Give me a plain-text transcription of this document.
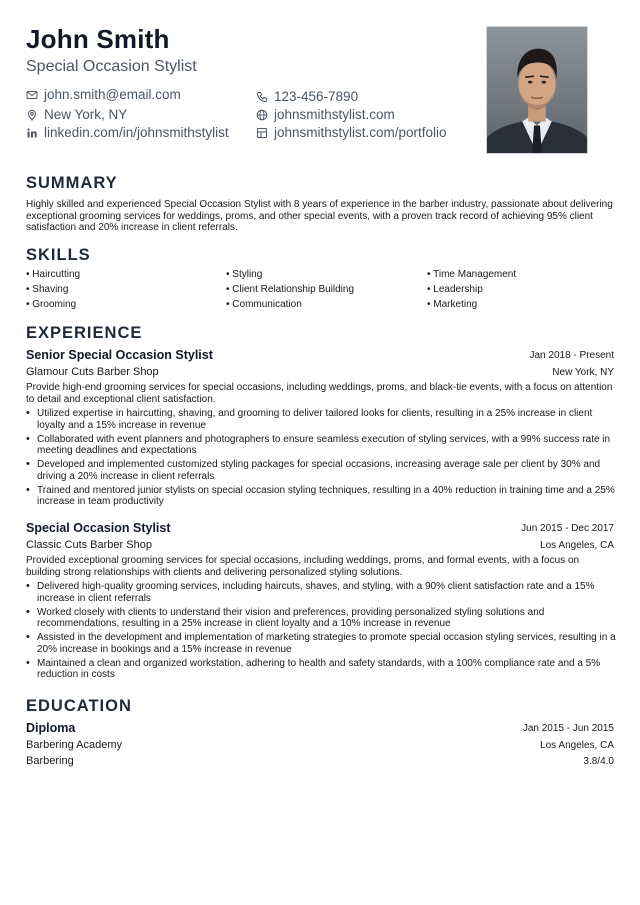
John Smith
Special Occasion Stylist
john.smith@email.com	123-456-7890
New York, NY	johnsmithstylist.com
linkedin.com/in/johnsmithstylist	johnsmithstylist.com/portfolio
SUMMARY
Highly skilled and experienced Special Occasion Stylist with 8 years of experience in the barber industry, passionate about delivering exceptional grooming services for weddings, proms, and other special events, with a proven track record of achieving 95% client satisfaction and 20% increase in client referrals.
SKILLS
• Haircutting
• Shaving
• Grooming
• Styling
• Client Relationship Building
• Communication
• Time Management
• Leadership
• Marketing
EXPERIENCE
Senior Special Occasion Stylist	Jan 2018 - Present
Glamour Cuts Barber Shop	New York, NY
Provide high-end grooming services for special occasions, including weddings, proms, and black-tie events, with a focus on attention to detail and exceptional client satisfaction.
• Utilized expertise in haircutting, shaving, and grooming to deliver tailored looks for clients, resulting in a 25% increase in client loyalty and a 15% increase in revenue
• Collaborated with event planners and photographers to ensure seamless execution of styling services, with a 99% success rate in meeting deadlines and expectations
• Developed and implemented customized styling packages for special occasions, increasing average sale per client by 30% and driving a 20% increase in client referrals
• Trained and mentored junior stylists on special occasion styling techniques, resulting in a 40% reduction in training time and a 25% increase in team productivity
Special Occasion Stylist	Jun 2015 - Dec 2017
Classic Cuts Barber Shop	Los Angeles, CA
Provided exceptional grooming services for special occasions, including weddings, proms, and formal events, with a focus on building strong relationships with clients and delivering personalized styling solutions.
• Delivered high-quality grooming services, including haircuts, shaves, and styling, with a 90% client satisfaction rate and a 15% increase in client referrals
• Worked closely with clients to understand their vision and preferences, providing personalized styling solutions and recommendations, resulting in a 25% increase in client loyalty and a 10% increase in revenue
• Assisted in the development and implementation of marketing strategies to promote special occasion styling services, resulting in a 20% increase in bookings and a 15% increase in revenue
• Maintained a clean and organized workstation, adhering to health and safety standards, with a 100% compliance rate and a 5% reduction in costs
EDUCATION
Diploma	Jan 2015 - Jun 2015
Barbering Academy	Los Angeles, CA
Barbering	3.8/4.0
